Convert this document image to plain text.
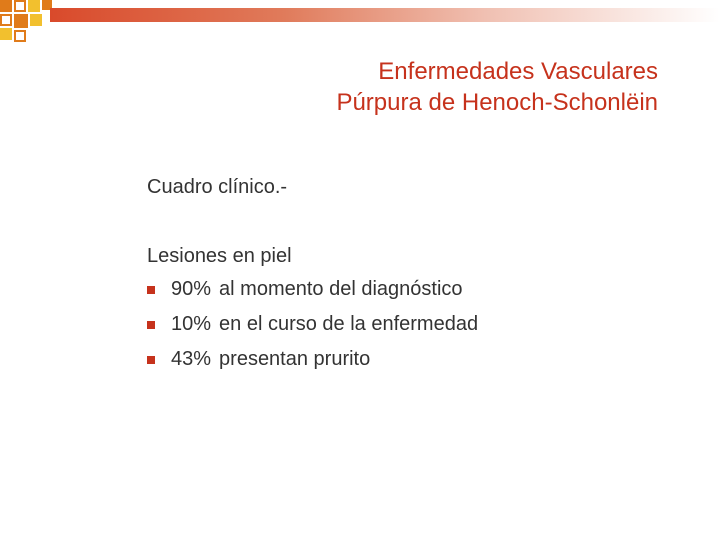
Enfermedades Vasculares
Púrpura de Henoch-Schonlëin
Cuadro clínico.-
Lesiones en piel
90% al momento del diagnóstico
10% en el curso de la enfermedad
43% presentan prurito
